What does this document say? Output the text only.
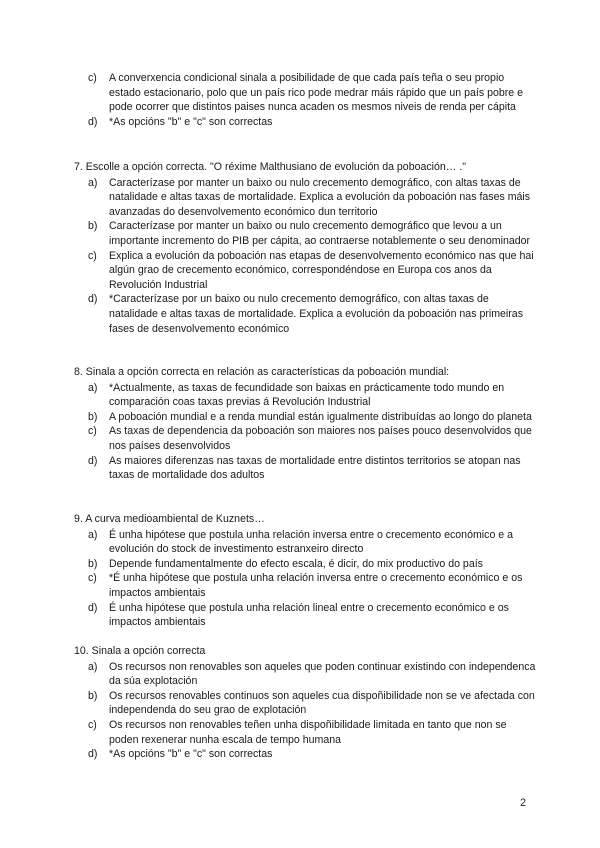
c)	A converxencia condicional sinala a posibilidade de que cada país teña o seu propio estado estacionario, polo que un país rico pode medrar máis rápido que un país pobre e pode ocorrer que distintos paises nunca acaden os mesmos niveis de renda per cápita
d)	*As opcións "b" e "c" son correctas
7. Escolle a opción correcta. "O réxime Malthusiano de evolución da poboación… ."
a)	Caracterízase por manter un baixo ou nulo crecemento demográfico, con altas taxas de natalidade e altas taxas de mortalidade. Explica a evolución da poboación nas fases máis avanzadas do desenvolvemento económico dun territorio
b)	Caracterízase por manter un baixo ou nulo crecemento demográfico que levou a un importante incremento do PIB per cápita, ao contraerse notablemente o seu denominador
c)	Explica a evolución da poboación nas etapas de desenvolvemento económico nas que hai algún grao de crecemento económico, correspondéndose en Europa cos anos da Revolución Industrial
d)	*Caracterízase por un baixo ou nulo crecemento demográfico, con altas taxas de natalidade e altas taxas de mortalidade. Explica a evolución da poboación nas primeiras fases de desenvolvemento económico
8. Sinala a opción correcta en relación as características da poboación mundial:
a)	*Actualmente, as taxas de fecundidade son baixas en prácticamente todo mundo en comparación coas taxas previas á Revolución Industrial
b)	A poboación mundial e a renda mundial están igualmente distribuídas ao longo do planeta
c)	As taxas de dependencia da poboación son maiores nos países pouco desenvolvidos que nos países desenvolvidos
d)	As maiores diferenzas nas taxas de mortalidade entre distintos territorios se atopan nas taxas de mortalidade dos adultos
9. A curva medioambiental de Kuznets…
a)	É unha hipótese que postula unha relación inversa entre o crecemento económico e a evolución do stock de investimento estranxeiro directo
b)	Depende fundamentalmente do efecto escala, é dicir, do mix productivo do país
c)	*É unha hipótese que postula unha relación inversa entre o crecemento económico e os impactos ambientais
d)	É unha hipótese que postula unha relación lineal entre o crecemento económico e os impactos ambientais
10. Sinala a opción correcta
a)	Os recursos non renovables son aqueles que poden continuar existindo con independenca da súa explotación
b)	Os recursos renovables continuos son aqueles cua dispoñibilidade non se ve afectada con independenda do seu grao de explotación
c)	Os recursos non renovables teñen unha dispoñibilidade limitada en tanto que non se poden rexenerar nunha escala de tempo humana
d)	*As opcións "b" e "c" son correctas
2
